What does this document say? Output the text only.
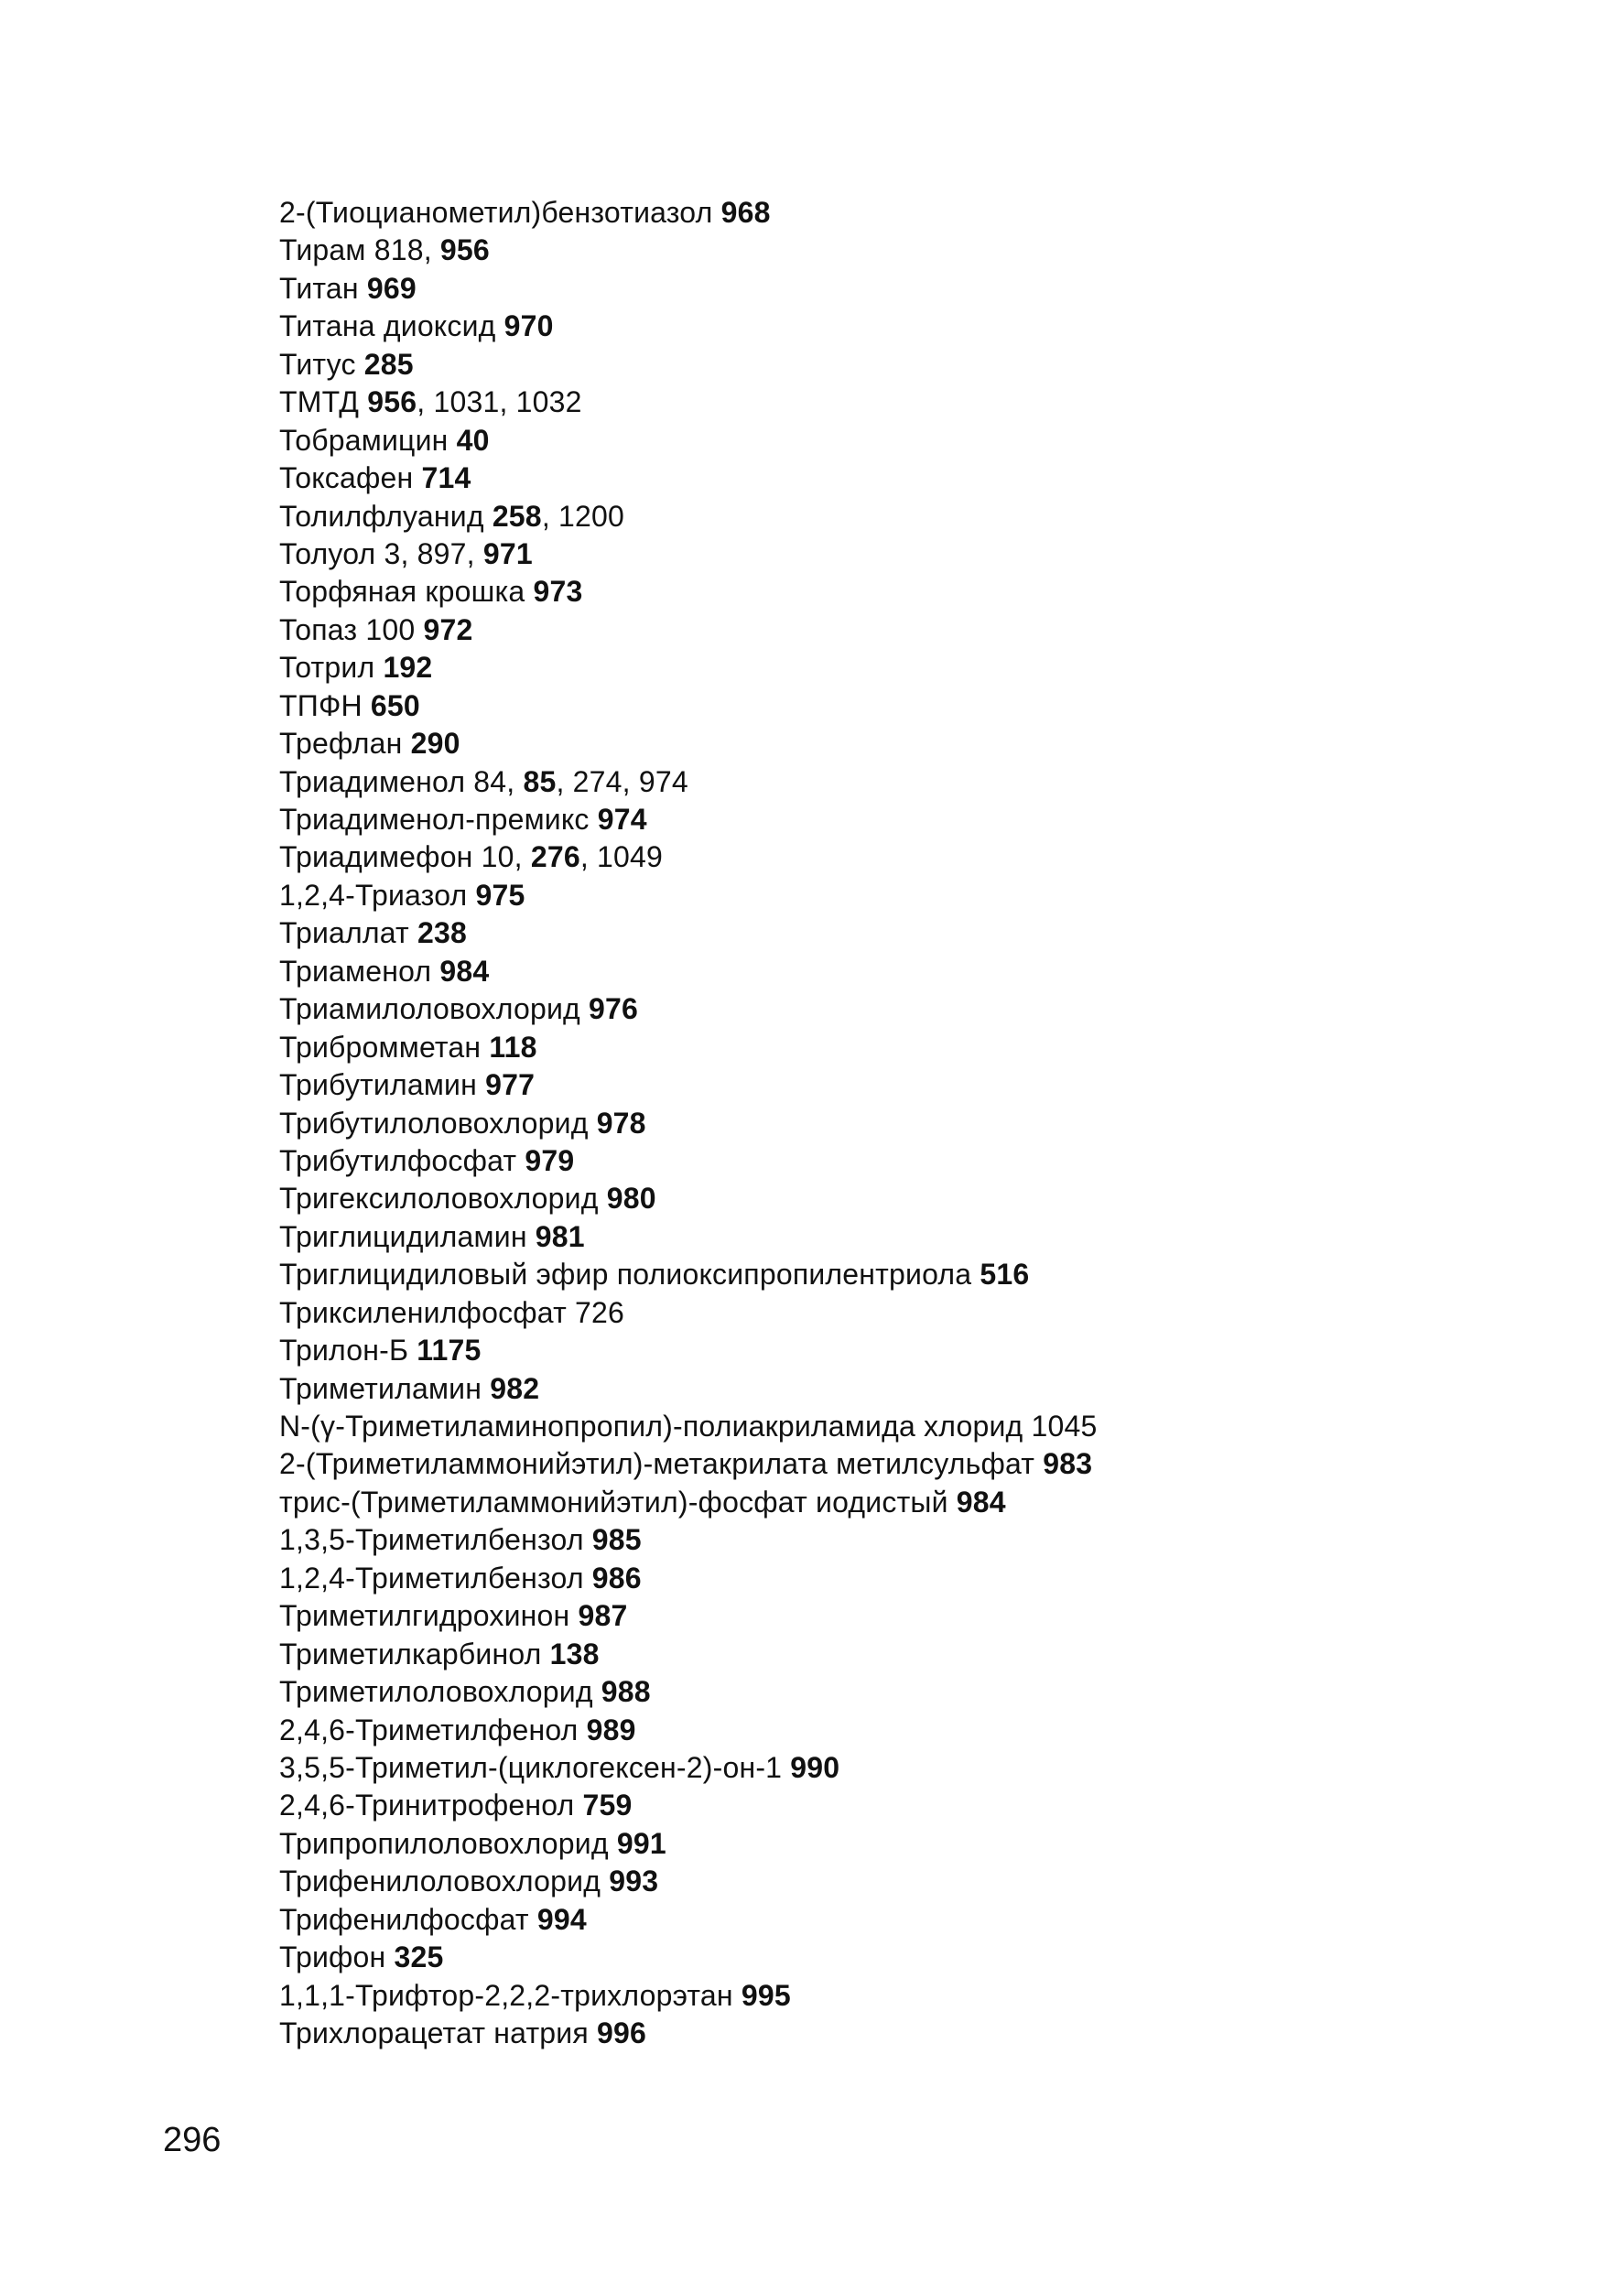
2-(Тиоцианометил)бензотиазол 968
Тирам 818, 956
Титан 969
Титана диоксид 970
Титус 285
ТМТД 956, 1031, 1032
Тобрамицин 40
Токсафен 714
Толилфлуанид 258, 1200
Толуол 3, 897, 971
Торфяная крошка 973
Топаз 100 972
Тотрил 192
ТПФН 650
Трефлан 290
Триадименол 84, 85, 274, 974
Триадименол-премикс 974
Триадимефон 10, 276, 1049
1,2,4-Триазол 975
Триаллат 238
Триаменол 984
Триамилоловохлорид 976
Трибромметан 118
Трибутиламин 977
Трибутилоловохлорид 978
Трибутилфосфат 979
Тригексилоловохлорид 980
Триглицидиламин 981
Триглицидиловый эфир полиоксипропилентриола 516
Триксиленилфосфат 726
Трилон-Б 1175
Триметиламин 982
N-(γ-Триметиламинопропил)-полиакриламида хлорид 1045
2-(Триметиламмонийэтил)-метакрилата метилсульфат 983
трис-(Триметиламмонийэтил)-фосфат иодистый 984
1,3,5-Триметилбензол 985
1,2,4-Триметилбензол 986
Триметилгидрохинон 987
Триметилкарбинол 138
Триметилоловохлорид 988
2,4,6-Триметилфенол 989
3,5,5-Триметил-(циклогексен-2)-он-1 990
2,4,6-Тринитрофенол 759
Трипропилоловохлорид 991
Трифенилоловохлорид 993
Трифенилфосфат 994
Трифон 325
1,1,1-Трифтор-2,2,2-трихлорэтан 995
Трихлорацетат натрия 996
296
